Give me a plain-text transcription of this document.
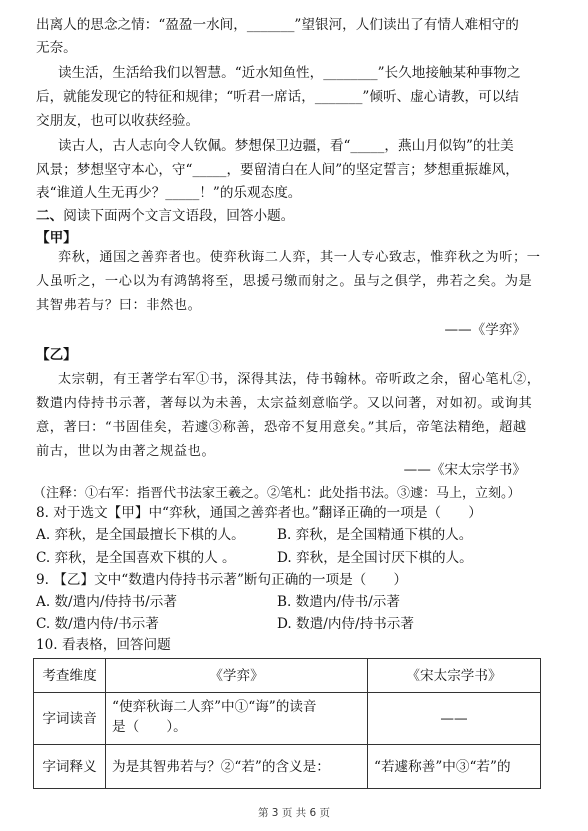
出离人的思念之情：“盈盈一水间，_______”望银河，人们读出了有情人难相守的
无奈。
读生活，生活给我们以智慧。“近水知鱼性，________”长久地接触某种事物之
后，就能发现它的特征和规律；“听君一席话，_______”倾听、虚心请教，可以结
交朋友，也可以收获经验。
读古人，古人志向令人钦佩。梦想保卫边疆，看“_____，燕山月似钩”的壮美
风景；梦想坚守本心，守“_____，要留清白在人间”的坚定誓言；梦想重振雄风，
表“谁道人生无再少？_____！”的乐观态度。
二、阅读下面两个文言文语段，回答小题。
【甲】
弈秋，通国之善弈者也。使弈秋诲二人弈，其一人专心致志，惟弈秋之为听；一
人虽听之，一心以为有鸿鹄将至，思援弓缴而射之。虽与之俱学，弗若之矣。为是
其智弗若与？曰：非然也。
——《学弈》
【乙】
太宗朝，有王著学右军①书，深得其法，侍书翰林。帝听政之余，留心笔札②，
数遣内侍持书示著，著每以为未善，太宗益刻意临学。又以问著，对如初。或询其
意，著曰：“书固佳矣，若遽③称善，恐帝不复用意矣。”其后，帝笔法精绝，超越
前古，世以为由著之规益也。
——《宋太宗学书》
（注释：①右军：指晋代书法家王羲之。②笔札：此处指书法。③遽：马上，立刻。）
8. 对于选文【甲】中“弈秋，通国之善弈者也。”翻译正确的一项是（　　）
A. 弈秋，是全国最擅长下棋的人。 B. 弈秋，是全国精通下棋的人。
C. 弈秋，是全国喜欢下棋的人 。	D. 弈秋，是全国讨厌下棋的人。
9. 【乙】文中“数遣内侍持书示著”断句正确的一项是（　　）
A. 数/遣内/侍持书/示著	B. 数遣内/侍书/示著
C. 数/遣内侍/书示著	D. 数遣/内侍/持书示著
10. 看表格，回答问题
考查维度	《学弈》	《宋太宗学书》
字词读音	“使弈秋诲二人弈”中①“诲”的读音
是（　　）。	——
字词释义	为是其智弗若与？②“若”的含义是：	“若遽称善”中③“若”的
第 3 页 共 6 页
